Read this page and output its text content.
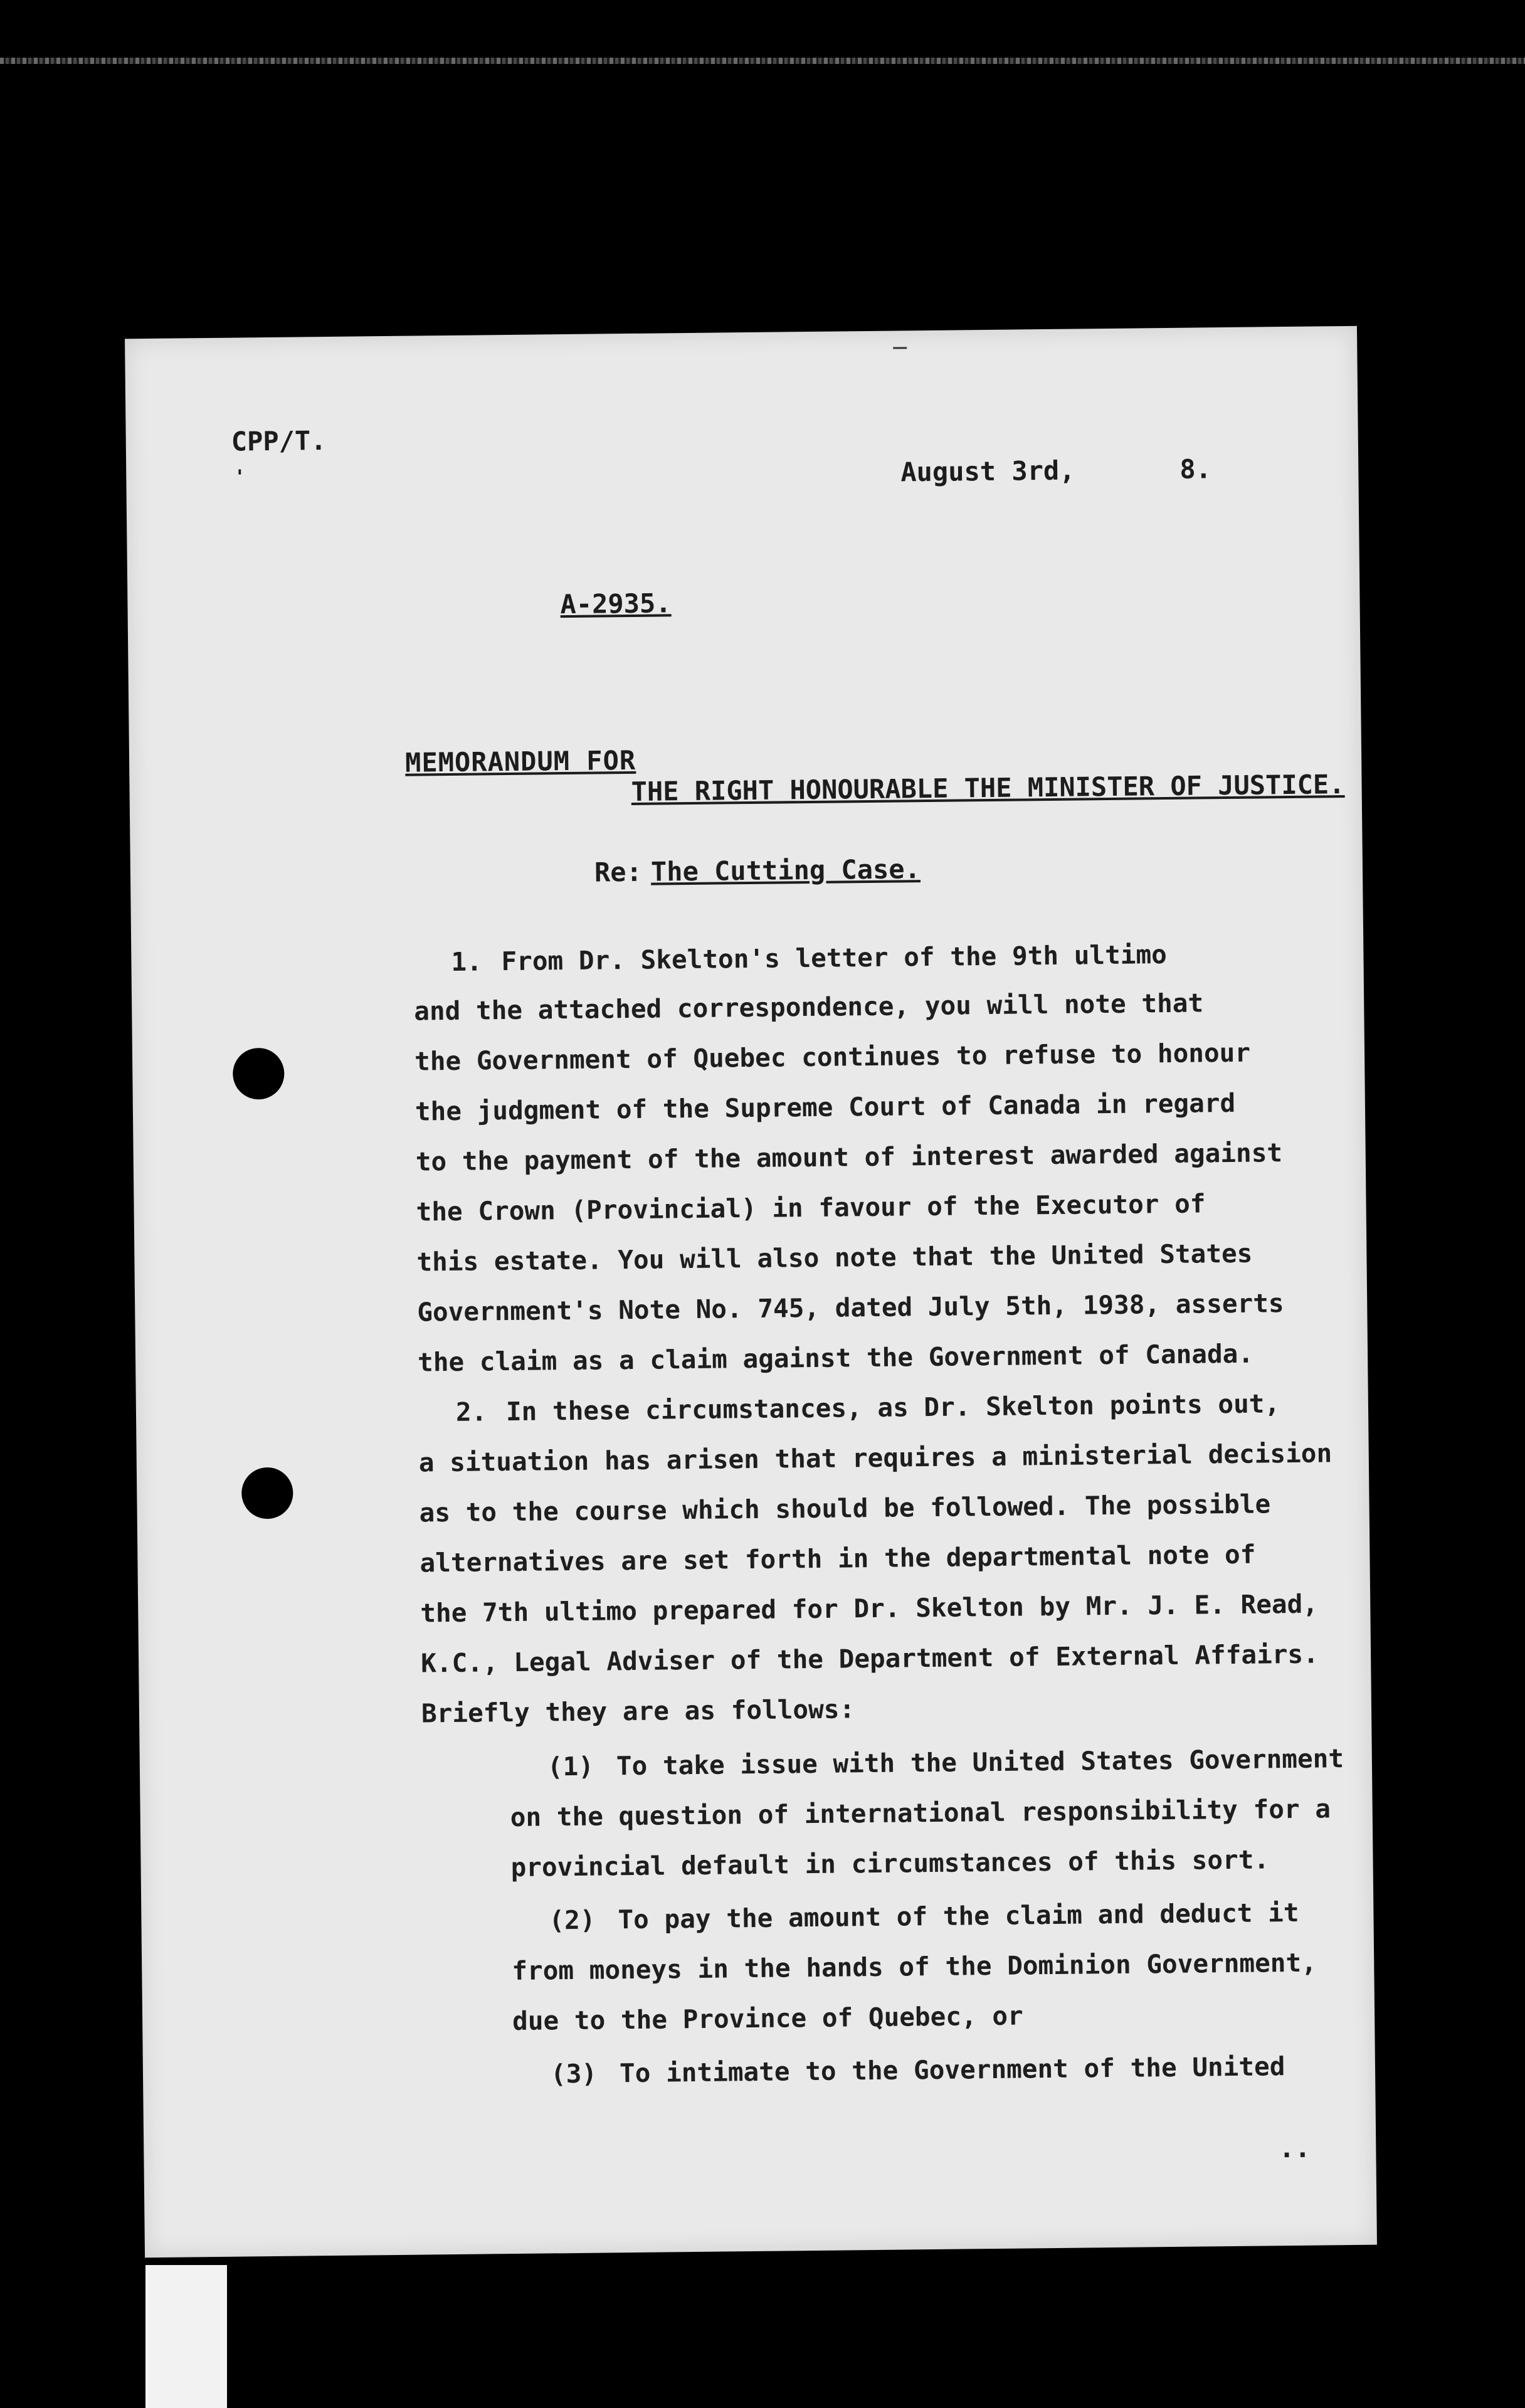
CPP/T.
'	August 3rd,	8.
A-2935.
MEMORANDUM FOR
THE RIGHT HONOURABLE THE MINISTER OF JUSTICE.
Re: The Cutting Case.
1. From Dr. Skelton's letter of the 9th ultimo
and the attached correspondence, you will note that
the Government of Quebec continues to refuse to honour
the judgment of the Supreme Court of Canada in regard
to the payment of the amount of interest awarded against
the Crown (Provincial) in favour of the Executor of
this estate. You will also note that the United States
Government's Note No. 745, dated July 5th, 1938, asserts
the claim as a claim against the Government of Canada.
2. In these circumstances, as Dr. Skelton points out,
a situation has arisen that requires a ministerial decision
as to the course which should be followed. The possible
alternatives are set forth in the departmental note of
the 7th ultimo prepared for Dr. Skelton by Mr. J. E. Read,
K.C., Legal Adviser of the Department of External Affairs.
Briefly they are as follows:
(1) To take issue with the United States Government
on the question of international responsibility for a
provincial default in circumstances of this sort.
(2) To pay the amount of the claim and deduct it
from moneys in the hands of the Dominion Government,
due to the Province of Quebec, or
(3) To intimate to the Government of the United
..
